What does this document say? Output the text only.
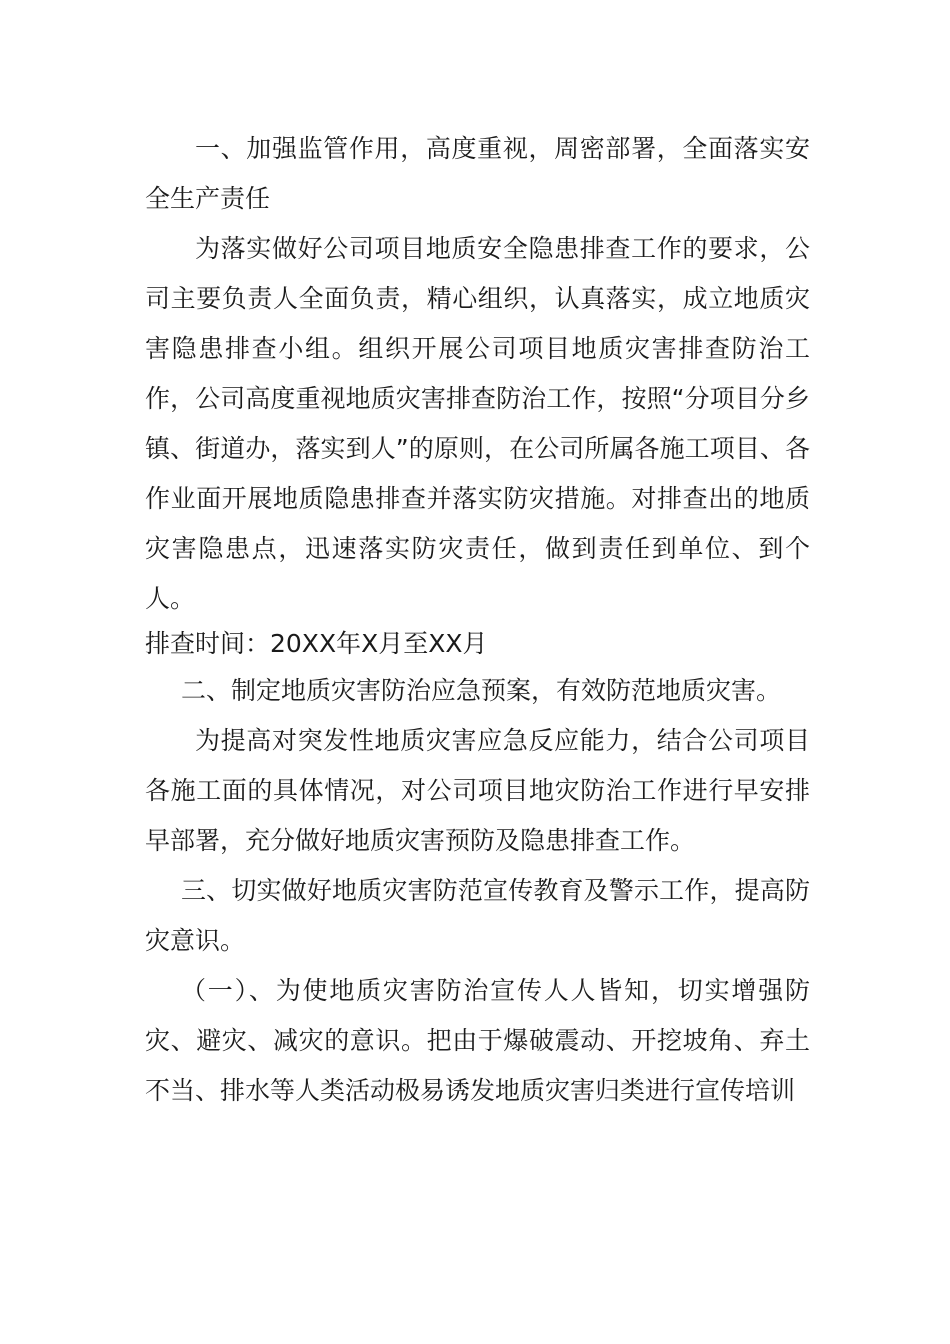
一、加强监管作用，高度重视，周密部署，全面落实安全生产责任

为落实做好公司项目地质安全隐患排查工作的要求，公司主要负责人全面负责，精心组织，认真落实，成立地质灾害隐患排查小组。组织开展公司项目地质灾害排查防治工作，公司高度重视地质灾害排查防治工作，按照“分项目分乡镇、街道办，落实到人”的原则，在公司所属各施工项目、各作业面开展地质隐患排查并落实防灾措施。对排查出的地质灾害隐患点，迅速落实防灾责任，做到责任到单位、到个人。

排查时间：20XX年X月至XX月

二、制定地质灾害防治应急预案，有效防范地质灾害。

为提高对突发性地质灾害应急反应能力，结合公司项目各施工面的具体情况，对公司项目地灾防治工作进行早安排早部署，充分做好地质灾害预防及隐患排查工作。

三、切实做好地质灾害防范宣传教育及警示工作，提高防灾意识。

（一）、为使地质灾害防治宣传人人皆知，切实增强防灾、避灾、减灾的意识。把由于爆破震动、开挖坡角、弃土不当、排水等人类活动极易诱发地质灾害归类进行宣传培训
